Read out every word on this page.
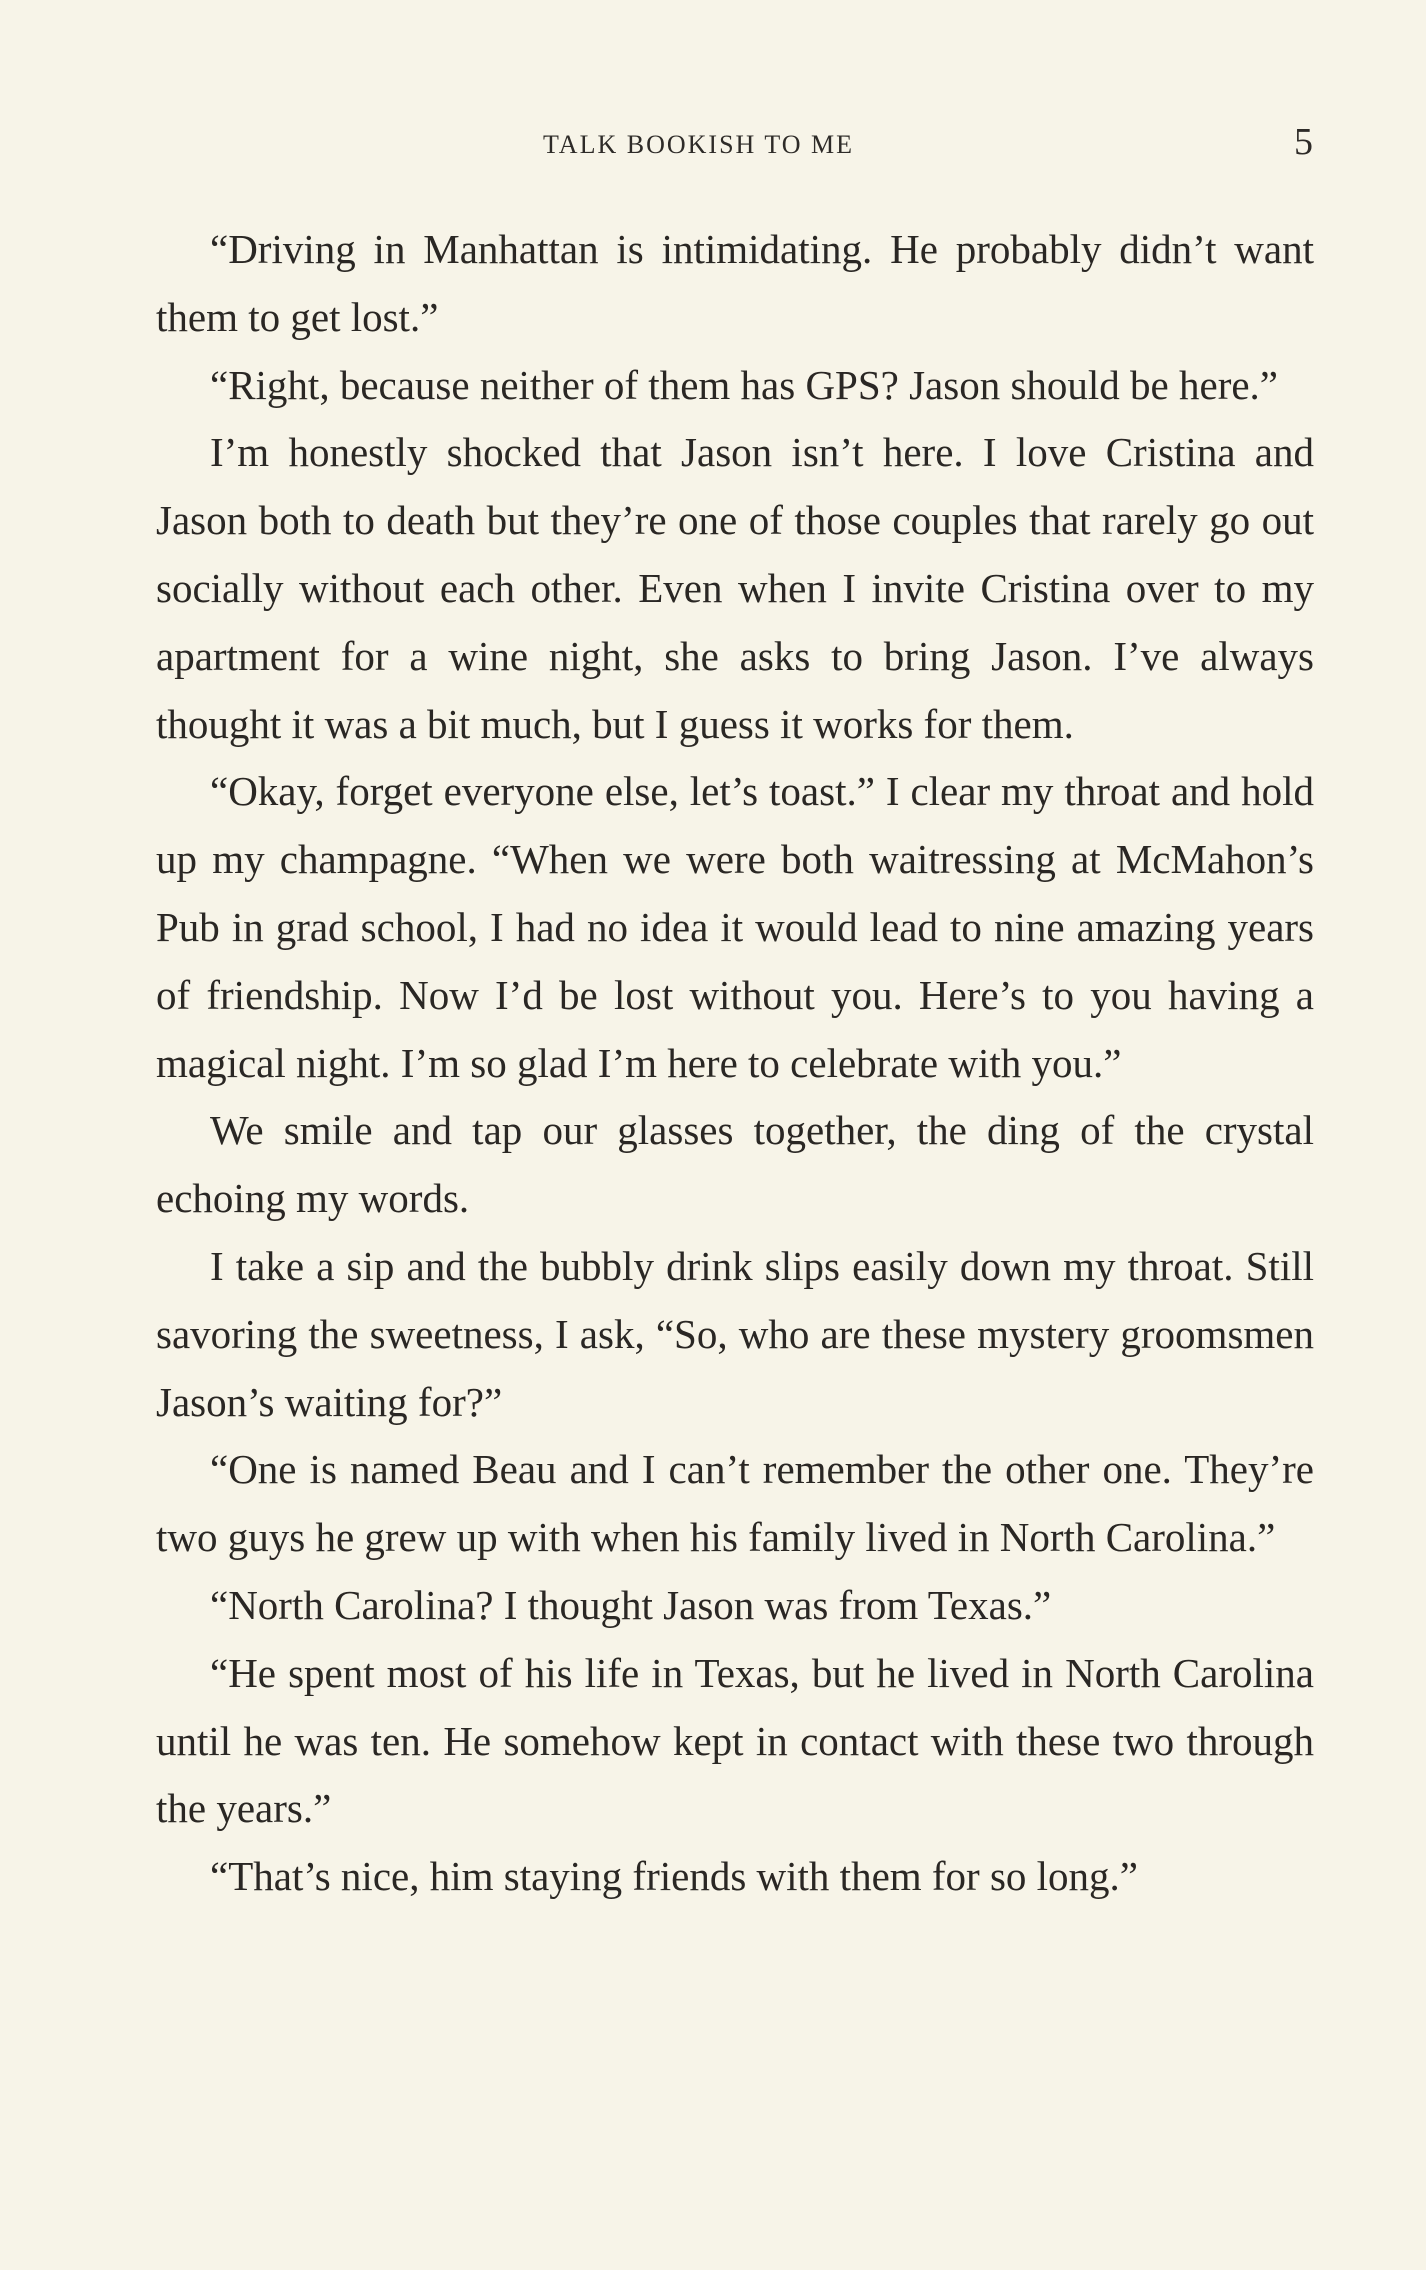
TALK BOOKISH TO ME	5

“Driving in Manhattan is intimidating. He probably didn’t want them to get lost.”

“Right, because neither of them has GPS? Jason should be here.”

I’m honestly shocked that Jason isn’t here. I love Cristina and Jason both to death but they’re one of those couples that rarely go out socially without each other. Even when I invite Cristina over to my apartment for a wine night, she asks to bring Jason. I’ve always thought it was a bit much, but I guess it works for them.

“Okay, forget everyone else, let’s toast.” I clear my throat and hold up my champagne. “When we were both waitressing at McMahon’s Pub in grad school, I had no idea it would lead to nine amazing years of friendship. Now I’d be lost without you. Here’s to you having a magical night. I’m so glad I’m here to celebrate with you.”

We smile and tap our glasses together, the ding of the crystal echoing my words.

I take a sip and the bubbly drink slips easily down my throat. Still savoring the sweetness, I ask, “So, who are these mystery groomsmen Jason’s waiting for?”

“One is named Beau and I can’t remember the other one. They’re two guys he grew up with when his family lived in North Carolina.”

“North Carolina? I thought Jason was from Texas.”

“He spent most of his life in Texas, but he lived in North Carolina until he was ten. He somehow kept in contact with these two through the years.”

“That’s nice, him staying friends with them for so long.”
